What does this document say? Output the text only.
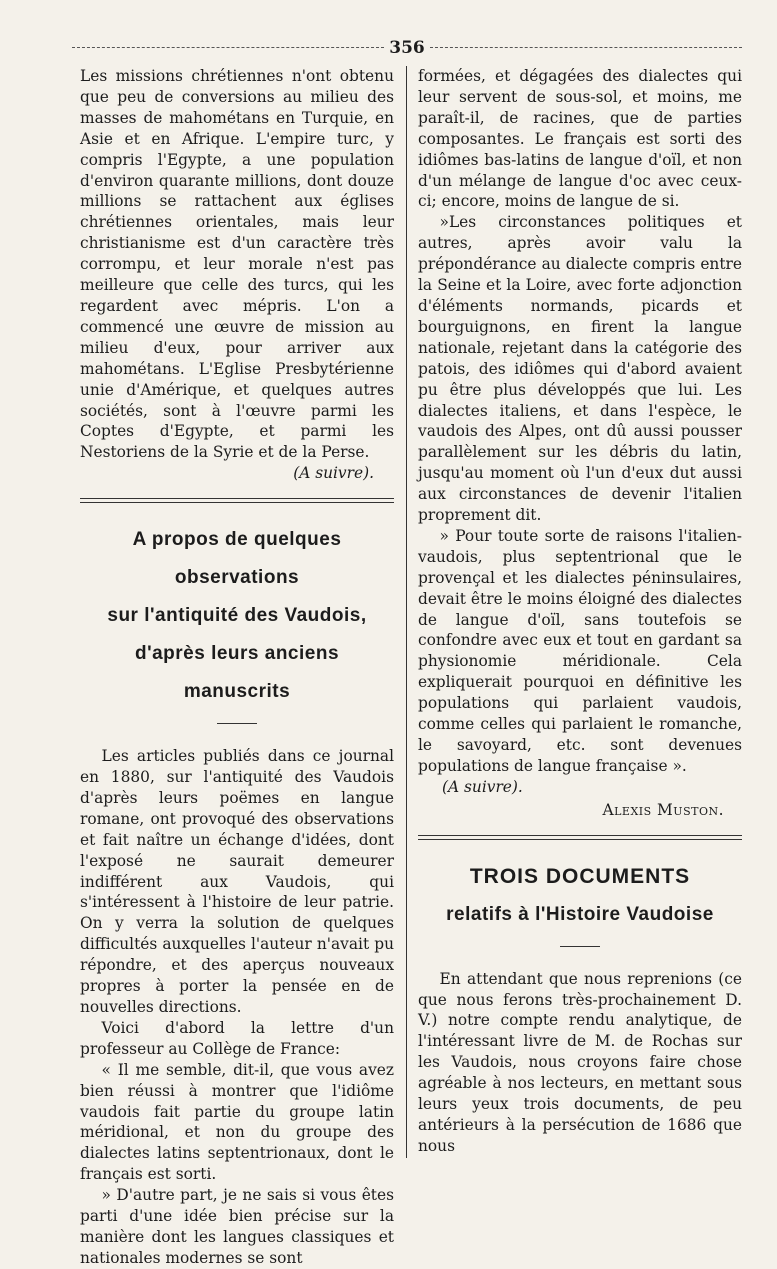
356

Les missions chrétiennes n'ont obtenu que peu de conversions au milieu des masses de mahométans en Turquie, en Asie et en Afrique. L'empire turc, y compris l'Egypte, a une population d'environ quarante millions, dont douze millions se rattachent aux églises chrétiennes orientales, mais leur christianisme est d'un caractère très corrompu, et leur morale n'est pas meilleure que celle des turcs, qui les regardent avec mépris. L'on a commencé une œuvre de mission au milieu d'eux, pour arriver aux mahométans. L'Eglise Presbytérienne unie d'Amérique, et quelques autres sociétés, sont à l'œuvre parmi les Coptes d'Egypte, et parmi les Nestoriens de la Syrie et de la Perse.

(A suivre).

A propos de quelques observations
sur l'antiquité des Vaudois,
d'après leurs anciens manuscrits

Les articles publiés dans ce journal en 1880, sur l'antiquité des Vaudois d'après leurs poëmes en langue romane, ont provoqué des observations et fait naître un échange d'idées, dont l'exposé ne saurait demeurer indifférent aux Vaudois, qui s'intéressent à l'histoire de leur patrie. On y verra la solution de quelques difficultés auxquelles l'auteur n'avait pu répondre, et des aperçus nouveaux propres à porter la pensée en de nouvelles directions.

Voici d'abord la lettre d'un professeur au Collège de France:

« Il me semble, dit-il, que vous avez bien réussi à montrer que l'idiôme vaudois fait partie du groupe latin méridional, et non du groupe des dialectes latins septentrionaux, dont le français est sorti.

» D'autre part, je ne sais si vous êtes parti d'une idée bien précise sur la manière dont les langues classiques et nationales modernes se sont

formées, et dégagées des dialectes qui leur servent de sous-sol, et moins, me paraît-il, de racines, que de parties composantes. Le français est sorti des idiômes bas-latins de langue d'oïl, et non d'un mélange de langue d'oc avec ceux-ci; encore, moins de langue de si.

»Les circonstances politiques et autres, après avoir valu la prépondérance au dialecte compris entre la Seine et la Loire, avec forte adjonction d'éléments normands, picards et bourguignons, en firent la langue nationale, rejetant dans la catégorie des patois, des idiômes qui d'abord avaient pu être plus développés que lui. Les dialectes italiens, et dans l'espèce, le vaudois des Alpes, ont dû aussi pousser parallèlement sur les débris du latin, jusqu'au moment où l'un d'eux dut aussi aux circonstances de devenir l'italien proprement dit.

» Pour toute sorte de raisons l'italien-vaudois, plus septentrional que le provençal et les dialectes péninsulaires, devait être le moins éloigné des dialectes de langue d'oïl, sans toutefois se confondre avec eux et tout en gardant sa physionomie méridionale. Cela expliquerait pourquoi en définitive les populations qui parlaient vaudois, comme celles qui parlaient le romanche, le savoyard, etc. sont devenues populations de langue française ».

(A suivre).

Alexis Muston.

TROIS DOCUMENTS
relatifs à l'Histoire Vaudoise

En attendant que nous reprenions (ce que nous ferons très-prochainement D. V.) notre compte rendu analytique, de l'intéressant livre de M. de Rochas sur les Vaudois, nous croyons faire chose agréable à nos lecteurs, en mettant sous leurs yeux trois documents, de peu antérieurs à la persécution de 1686 que nous
